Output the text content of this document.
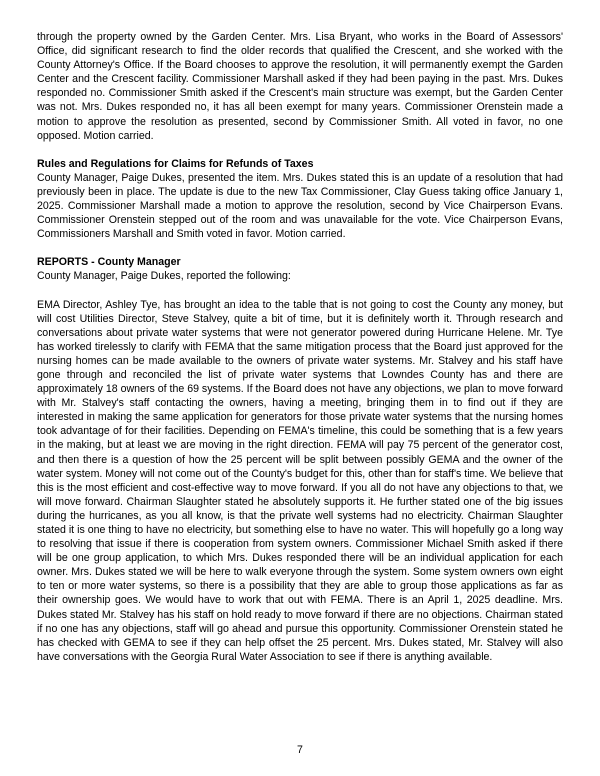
through the property owned by the Garden Center. Mrs. Lisa Bryant, who works in the Board of Assessors' Office, did significant research to find the older records that qualified the Crescent, and she worked with the County Attorney's Office. If the Board chooses to approve the resolution, it will permanently exempt the Garden Center and the Crescent facility. Commissioner Marshall asked if they had been paying in the past. Mrs. Dukes responded no. Commissioner Smith asked if the Crescent's main structure was exempt, but the Garden Center was not. Mrs. Dukes responded no, it has all been exempt for many years. Commissioner Orenstein made a motion to approve the resolution as presented, second by Commissioner Smith. All voted in favor, no one opposed. Motion carried.

Rules and Regulations for Claims for Refunds of Taxes

County Manager, Paige Dukes, presented the item. Mrs. Dukes stated this is an update of a resolution that had previously been in place. The update is due to the new Tax Commissioner, Clay Guess taking office January 1, 2025. Commissioner Marshall made a motion to approve the resolution, second by Vice Chairperson Evans. Commissioner Orenstein stepped out of the room and was unavailable for the vote. Vice Chairperson Evans, Commissioners Marshall and Smith voted in favor. Motion carried.

REPORTS - County Manager

County Manager, Paige Dukes, reported the following:

EMA Director, Ashley Tye, has brought an idea to the table that is not going to cost the County any money, but will cost Utilities Director, Steve Stalvey, quite a bit of time, but it is definitely worth it. Through research and conversations about private water systems that were not generator powered during Hurricane Helene. Mr. Tye has worked tirelessly to clarify with FEMA that the same mitigation process that the Board just approved for the nursing homes can be made available to the owners of private water systems. Mr. Stalvey and his staff have gone through and reconciled the list of private water systems that Lowndes County has and there are approximately 18 owners of the 69 systems. If the Board does not have any objections, we plan to move forward with Mr. Stalvey's staff contacting the owners, having a meeting, bringing them in to find out if they are interested in making the same application for generators for those private water systems that the nursing homes took advantage of for their facilities. Depending on FEMA's timeline, this could be something that is a few years in the making, but at least we are moving in the right direction. FEMA will pay 75 percent of the generator cost, and then there is a question of how the 25 percent will be split between possibly GEMA and the owner of the water system. Money will not come out of the County's budget for this, other than for staff's time. We believe that this is the most efficient and cost-effective way to move forward. If you all do not have any objections to that, we will move forward. Chairman Slaughter stated he absolutely supports it. He further stated one of the big issues during the hurricanes, as you all know, is that the private well systems had no electricity. Chairman Slaughter stated it is one thing to have no electricity, but something else to have no water. This will hopefully go a long way to resolving that issue if there is cooperation from system owners. Commissioner Michael Smith asked if there will be one group application, to which Mrs. Dukes responded there will be an individual application for each owner. Mrs. Dukes stated we will be here to walk everyone through the system. Some system owners own eight to ten or more water systems, so there is a possibility that they are able to group those applications as far as their ownership goes. We would have to work that out with FEMA. There is an April 1, 2025 deadline. Mrs. Dukes stated Mr. Stalvey has his staff on hold ready to move forward if there are no objections. Chairman stated if no one has any objections, staff will go ahead and pursue this opportunity. Commissioner Orenstein stated he has checked with GEMA to see if they can help offset the 25 percent. Mrs. Dukes stated, Mr. Stalvey will also have conversations with the Georgia Rural Water Association to see if there is anything available.

7
